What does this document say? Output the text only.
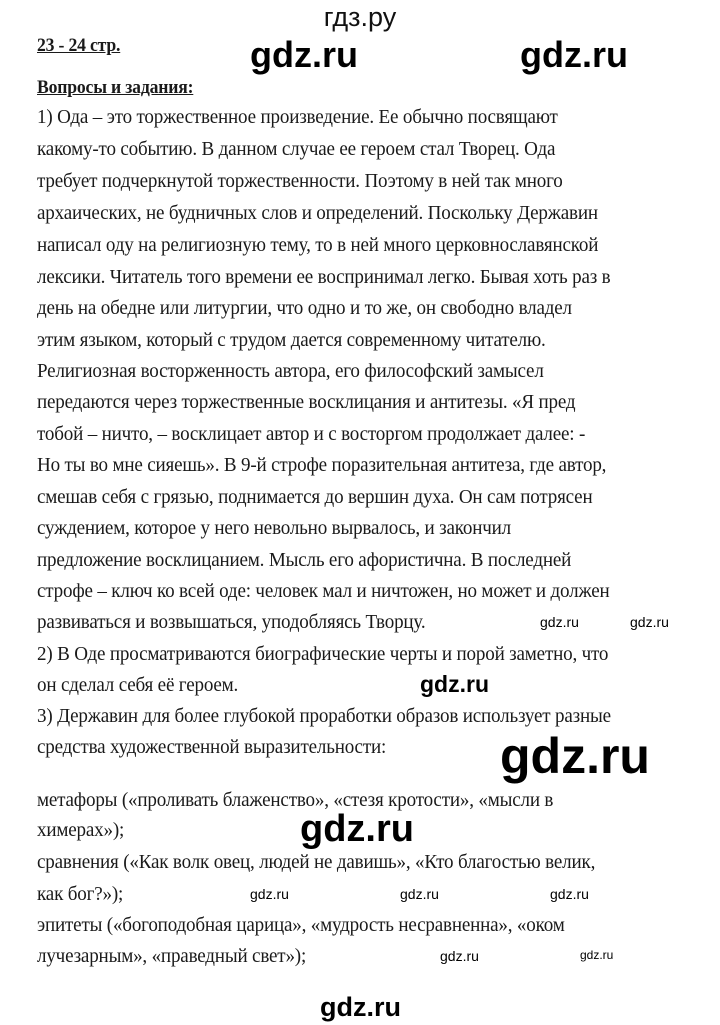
гдз.ру
23 - 24 стр.
Вопросы и задания:
1) Ода – это торжественное произведение. Ее обычно посвящают
какому-то событию. В данном случае ее героем стал Творец. Ода
требует подчеркнутой торжественности. Поэтому в ней так много
архаических, не будничных слов и определений. Поскольку Державин
написал оду на религиозную тему, то в ней много церковнославянской
лексики. Читатель того времени ее воспринимал легко. Бывая хоть раз в
день на обедне или литургии, что одно и то же, он свободно владел
этим языком, который с трудом дается современному читателю.
Религиозная восторженность автора, его философский замысел
передаются через торжественные восклицания и антитезы. «Я пред
тобой – ничто, – восклицает автор и с восторгом продолжает далее: -
Но ты во мне сияешь». В 9-й строфе поразительная антитеза, где автор,
смешав себя с грязью, поднимается до вершин духа. Он сам потрясен
суждением, которое у него невольно вырвалось, и закончил
предложение восклицанием. Мысль его афористична. В последней
строфе – ключ ко всей оде: человек мал и ничтожен, но может и должен
развиваться и возвышаться, уподобляясь Творцу.
2) В Оде просматриваются биографические черты и порой заметно, что
он сделал себя её героем.
3) Державин для более глубокой проработки образов использует разные
средства художественной выразительности:
метафоры («проливать блаженство», «стезя кротости», «мысли в
химерах»);
сравнения («Как волк овец, людей не давишь», «Кто благостью велик,
как бог?»);
эпитеты («богоподобная царица», «мудрость несравненна», «оком
лучезарным», «праведный свет»);
gdz.ru	gdz.ru
gdz.ru
gdz.ru	gdz.ru
gdz.ru	gdz.ru	gdz.ru
gdz.ru	gdz.ru
gdz.ru
gdz.ru
gdz.ru
